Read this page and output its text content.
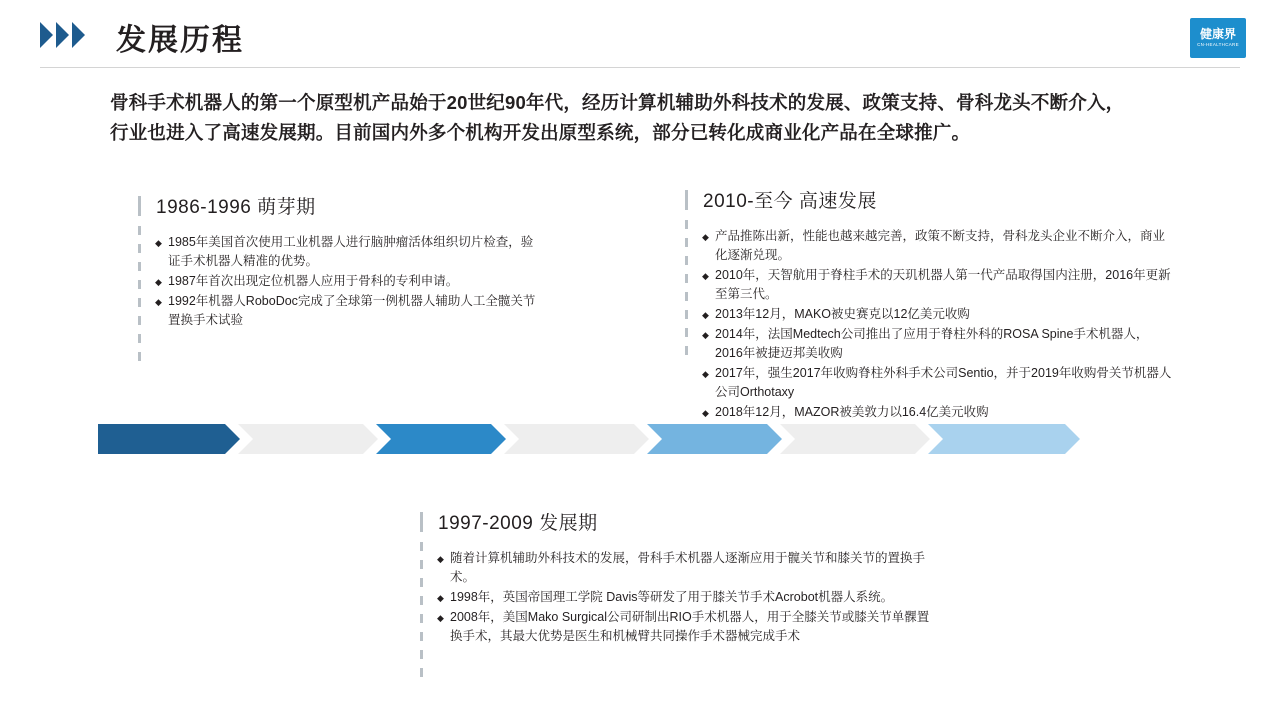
发展历程	健康界
CN-HEALTHCARE
骨科手术机器人的第一个原型机产品始于20世纪90年代，经历计算机辅助外科技术的发展、政策支持、骨科龙头不断介入，行业也进入了高速发展期。目前国内外多个机构开发出原型系统，部分已转化成商业化产品在全球推广。
1986-1996 萌芽期
◆ 1985年美国首次使用工业机器人进行脑肿瘤活体组织切片检查，验证手术机器人精准的优势。
◆ 1987年首次出现定位机器人应用于骨科的专利申请。
◆ 1992年机器人RoboDoc完成了全球第一例机器人辅助人工全髋关节置换手术试验
2010-至今 高速发展
◆ 产品推陈出新，性能也越来越完善，政策不断支持，骨科龙头企业不断介入，商业化逐渐兑现。
◆ 2010年，天智航用于脊柱手术的天玑机器人第一代产品取得国内注册，2016年更新至第三代。
◆ 2013年12月，MAKO被史赛克以12亿美元收购
◆ 2014年，法国Medtech公司推出了应用于脊柱外科的ROSA Spine手术机器人，2016年被捷迈邦美收购
◆ 2017年，强生2017年收购脊柱外科手术公司Sentio，并于2019年收购骨关节机器人公司Orthotaxy
◆ 2018年12月，MAZOR被美敦力以16.4亿美元收购
1997-2009 发展期
◆ 随着计算机辅助外科技术的发展，骨科手术机器人逐渐应用于髋关节和膝关节的置换手术。
◆ 1998年，英国帝国理工学院 Davis等研发了用于膝关节手术Acrobot机器人系统。
◆ 2008年，美国Mako Surgical公司研制出RIO手术机器人，用于全膝关节或膝关节单髁置换手术，其最大优势是医生和机械臂共同操作手术器械完成手术
